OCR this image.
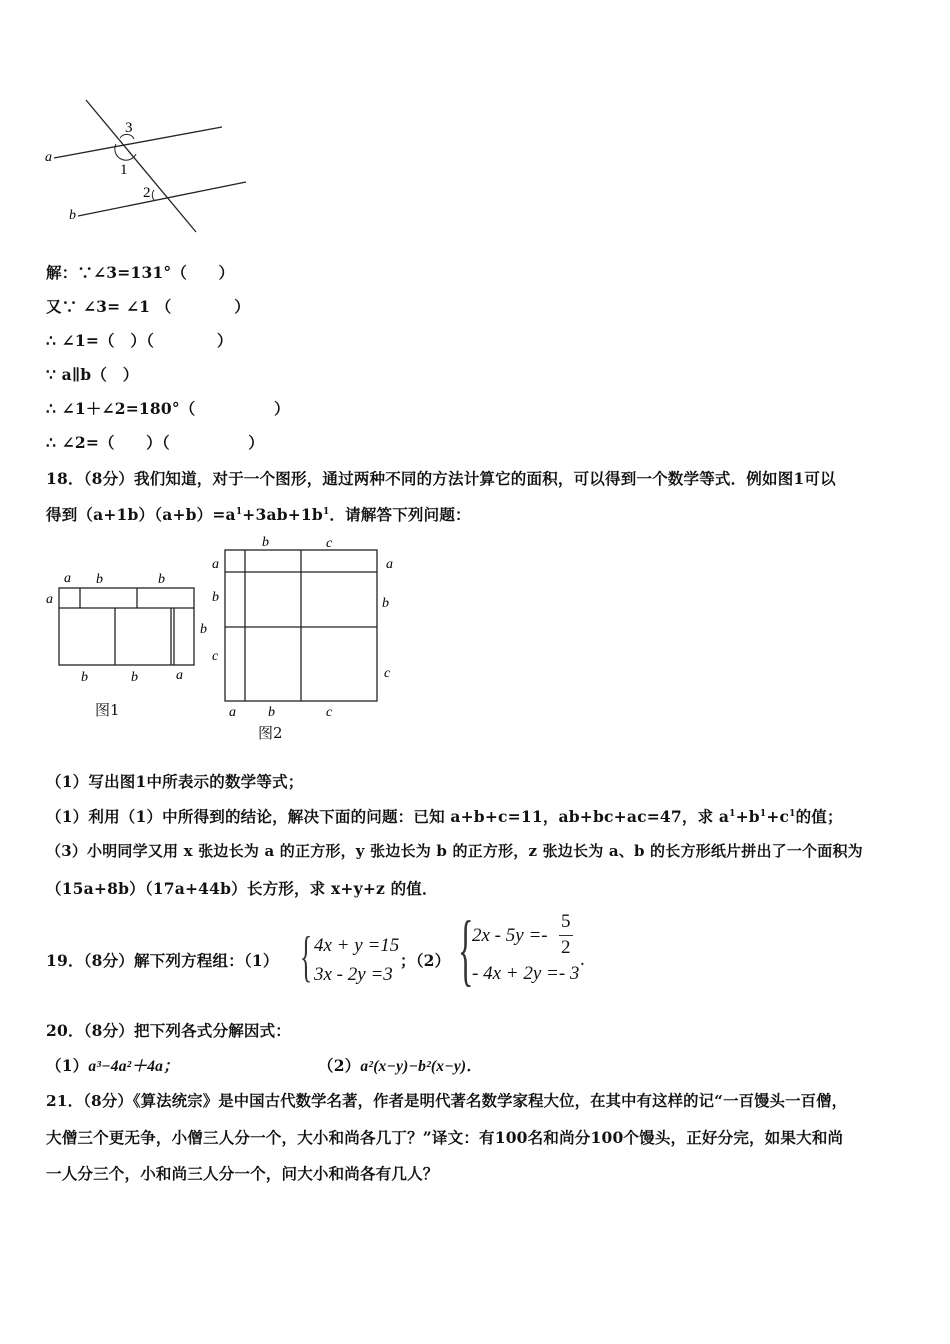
3
1
2
a
b
解：∵∠3=131°（　　）
又∵ ∠3= ∠1 （　　　　）
∴ ∠1=（　）（　　　　）
∵ a∥b（　）
∴ ∠1＋∠2=180°（　　　　　）
∴ ∠2=（　　）（　　　　　）
18．（8分）我们知道，对于一个图形，通过两种不同的方法计算它的面积，可以得到一个数学等式．例如图1可以
得到$(a+1b)(a+b)=a^1+3ab+1b^1$．请解答下列问题：
a b	b
a
b
b	b	a
图1
b	c
a
b
c
a
b
c
a b	c
图2
（1）写出图1中所表示的数学等式；
（1）利用（1）中所得到的结论，解决下面的问题：已知 a+b+c=11，ab+bc+ac=47，求 $a^1+b^1+c^1$的值；
（3）小明同学又用 x 张边长为 a 的正方形，y 张边长为 b 的正方形，z 张边长为 a、b 的长方形纸片拼出了一个面积为
（15a+8b）（17a+44b）长方形，求 x+y+z 的值．
19．（8分）解下列方程组：（1） { 4x + y =15
3x - 2y =3
；（2） {
2x - 5y =-
5
2
- 4x + 2y =- 3
.
20．（8分）把下列各式分解因式：
（1）a³−4a²＋4a；	（2）a²(x−y)−b²(x−y)．
21．（8分）《算法统宗》是中国古代数学名著，作者是明代著名数学家程大位，在其中有这样的记“一百馒头一百僧，
大僧三个更无争，小僧三人分一个，大小和尚各几丁？”译文：有100名和尚分100个馒头，正好分完，如果大和尚
一人分三个，小和尚三人分一个，问大小和尚各有几人？
